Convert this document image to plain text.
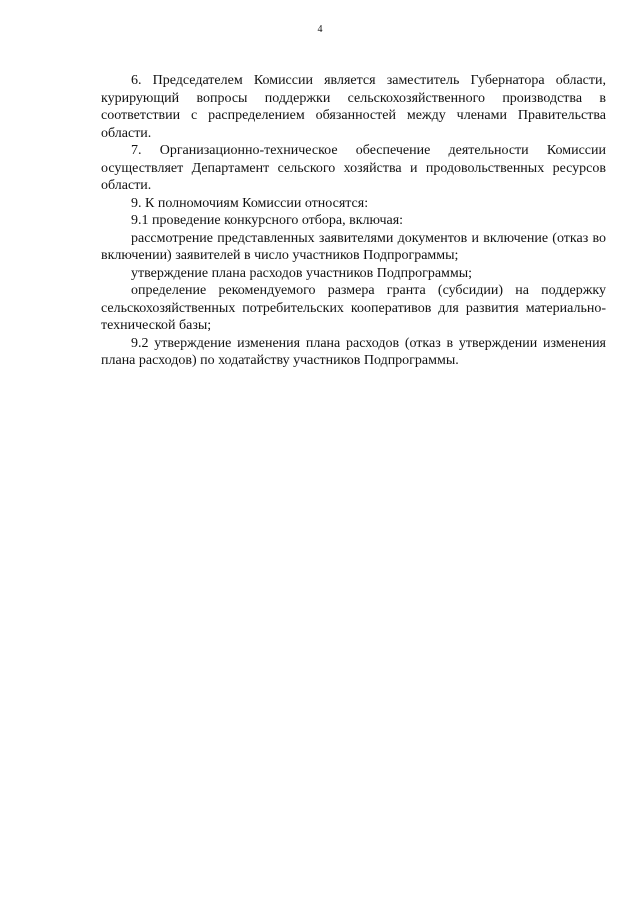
4

6. Председателем Комиссии является заместитель Губернатора области, курирующий вопросы поддержки сельскохозяйственного производства в соответствии с распределением обязанностей между членами Правительства области.

7. Организационно-техническое обеспечение деятельности Комиссии осуществляет Департамент сельского хозяйства и продовольственных ресурсов области.

9. К полномочиям Комиссии относятся:

9.1 проведение конкурсного отбора, включая:

рассмотрение представленных заявителями документов и включение (отказ во включении) заявителей в число участников Подпрограммы;

утверждение плана расходов участников Подпрограммы;

определение рекомендуемого размера гранта (субсидии) на поддержку сельскохозяйственных потребительских кооперативов для развития материально-технической базы;

9.2 утверждение изменения плана расходов (отказ в утверждении изменения плана расходов) по ходатайству участников Подпрограммы.
